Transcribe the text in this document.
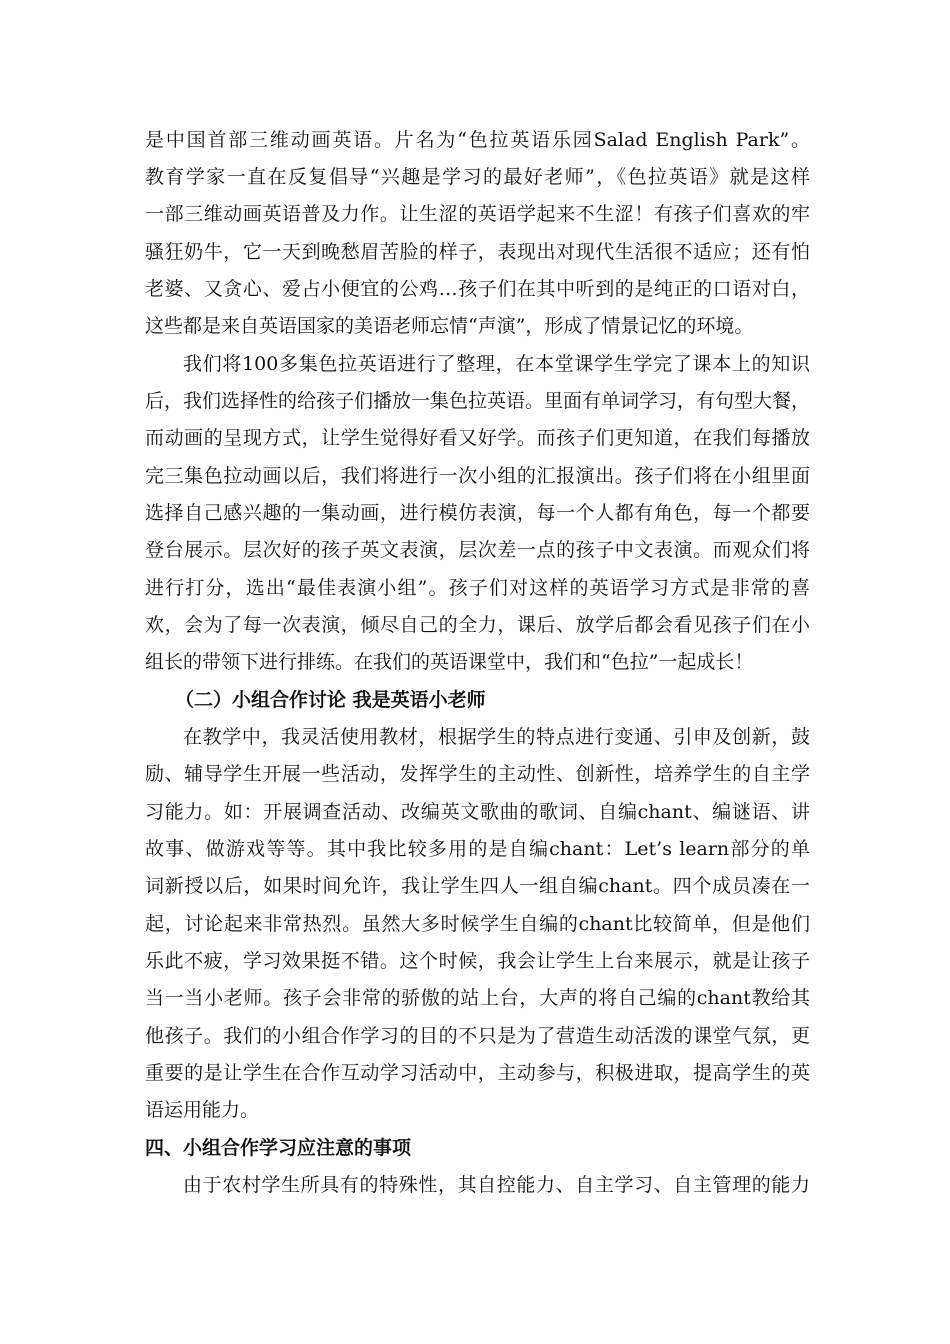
是中国首部三维动画英语。片名为“色拉英语乐园Salad English Park”。
教育学家一直在反复倡导“兴趣是学习的最好老师”，《色拉英语》就是这样
一部三维动画英语普及力作。让生涩的英语学起来不生涩！有孩子们喜欢的牢
骚狂奶牛，它一天到晚愁眉苦脸的样子，表现出对现代生活很不适应；还有怕
老婆、又贪心、爱占小便宜的公鸡…孩子们在其中听到的是纯正的口语对白，
这些都是来自英语国家的美语老师忘情“声演”，形成了情景记忆的环境。
我们将100多集色拉英语进行了整理，在本堂课学生学完了课本上的知识
后，我们选择性的给孩子们播放一集色拉英语。里面有单词学习，有句型大餐，
而动画的呈现方式，让学生觉得好看又好学。而孩子们更知道，在我们每播放
完三集色拉动画以后，我们将进行一次小组的汇报演出。孩子们将在小组里面
选择自己感兴趣的一集动画，进行模仿表演，每一个人都有角色，每一个都要
登台展示。层次好的孩子英文表演，层次差一点的孩子中文表演。而观众们将
进行打分，选出“最佳表演小组”。孩子们对这样的英语学习方式是非常的喜
欢，会为了每一次表演，倾尽自己的全力，课后、放学后都会看见孩子们在小
组长的带领下进行排练。在我们的英语课堂中，我们和“色拉”一起成长！
（二）小组合作讨论 我是英语小老师
在教学中，我灵活使用教材，根据学生的特点进行变通、引申及创新，鼓
励、辅导学生开展一些活动，发挥学生的主动性、创新性，培养学生的自主学
习能力。如：开展调查活动、改编英文歌曲的歌词、自编chant、编谜语、讲
故事、做游戏等等。其中我比较多用的是自编chant：Let’s learn部分的单
词新授以后，如果时间允许，我让学生四人一组自编chant。四个成员凑在一
起，讨论起来非常热烈。虽然大多时候学生自编的chant比较简单，但是他们
乐此不疲，学习效果挺不错。这个时候，我会让学生上台来展示，就是让孩子
当一当小老师。孩子会非常的骄傲的站上台，大声的将自己编的chant教给其
他孩子。我们的小组合作学习的目的不只是为了营造生动活泼的课堂气氛，更
重要的是让学生在合作互动学习活动中，主动参与，积极进取，提高学生的英
语运用能力。
四、小组合作学习应注意的事项
由于农村学生所具有的特殊性，其自控能力、自主学习、自主管理的能力
